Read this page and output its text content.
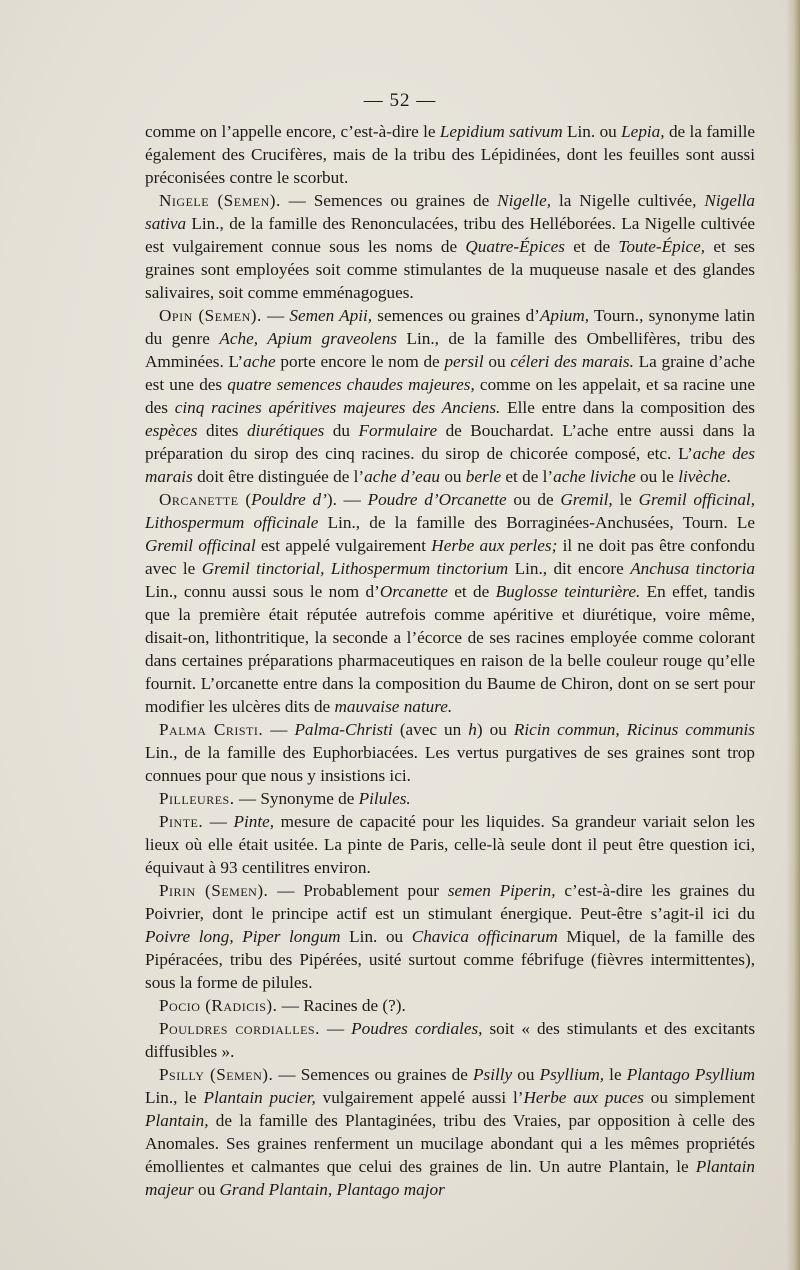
— 52 —

comme on l’appelle encore, c’est-à-dire le Lepidium sativum Lin. ou Lepia, de la famille également des Crucifères, mais de la tribu des Lépidinées, dont les feuilles sont aussi préconisées contre le scorbut.

Nigele (Semen). — Semences ou graines de Nigelle, la Nigelle cultivée, Nigella sativa Lin., de la famille des Renonculacées, tribu des Helléborées. La Nigelle cultivée est vulgairement connue sous les noms de Quatre-Épices et de Toute-Épice, et ses graines sont employées soit comme stimulantes de la muqueuse nasale et des glandes salivaires, soit comme emménagogues.

Opin (Semen). — Semen Apii, semences ou graines d’Apium, Tourn., synonyme latin du genre Ache, Apium graveolens Lin., de la famille des Ombellifères, tribu des Amminées. L’ache porte encore le nom de persil ou céleri des marais. La graine d’ache est une des quatre semences chaudes majeures, comme on les appelait, et sa racine une des cinq racines apéritives majeures des Anciens. Elle entre dans la composition des espèces dites diurétiques du Formulaire de Bouchardat. L’ache entre aussi dans la préparation du sirop des cinq racines. du sirop de chicorée composé, etc. L’ache des marais doit être distinguée de l’ache d’eau ou berle et de l’ache liviche ou le livèche.

Orcanette (Pouldre d’). — Poudre d’Orcanette ou de Gremil, le Gremil officinal, Lithospermum officinale Lin., de la famille des Borraginées-Anchusées, Tourn. Le Gremil officinal est appelé vulgairement Herbe aux perles; il ne doit pas être confondu avec le Gremil tinctorial, Lithospermum tinctorium Lin., dit encore Anchusa tinctoria Lin., connu aussi sous le nom d’Orcanette et de Buglosse teinturière. En effet, tandis que la première était réputée autrefois comme apéritive et diurétique, voire même, disait-on, lithontritique, la seconde a l’écorce de ses racines employée comme colorant dans certaines préparations pharmaceutiques en raison de la belle couleur rouge qu’elle fournit. L’orcanette entre dans la composition du Baume de Chiron, dont on se sert pour modifier les ulcères dits de mauvaise nature.

Palma Cristi. — Palma-Christi (avec un h) ou Ricin commun, Ricinus communis Lin., de la famille des Euphorbiacées. Les vertus purgatives de ses graines sont trop connues pour que nous y insistions ici.

Pilleures. — Synonyme de Pilules.

Pinte. — Pinte, mesure de capacité pour les liquides. Sa grandeur variait selon les lieux où elle était usitée. La pinte de Paris, celle-là seule dont il peut être question ici, équivaut à 93 centilitres environ.

Pirin (Semen). — Probablement pour semen Piperin, c’est-à-dire les graines du Poivrier, dont le principe actif est un stimulant énergique. Peut-être s’agit-il ici du Poivre long, Piper longum Lin. ou Chavica officinarum Miquel, de la famille des Pipéracées, tribu des Pipérées, usité surtout comme fébrifuge (fièvres intermittentes), sous la forme de pilules.

Pocio (Radicis). — Racines de (?).

Pouldres cordialles. — Poudres cordiales, soit « des stimulants et des excitants diffusibles ».

Psilly (Semen). — Semences ou graines de Psilly ou Psyllium, le Plantago Psyllium Lin., le Plantain pucier, vulgairement appelé aussi l’Herbe aux puces ou simplement Plantain, de la famille des Plantaginées, tribu des Vraies, par opposition à celle des Anomales. Ses graines renferment un mucilage abondant qui a les mêmes propriétés émollientes et calmantes que celui des graines de lin. Un autre Plantain, le Plantain majeur ou Grand Plantain, Plantago major
